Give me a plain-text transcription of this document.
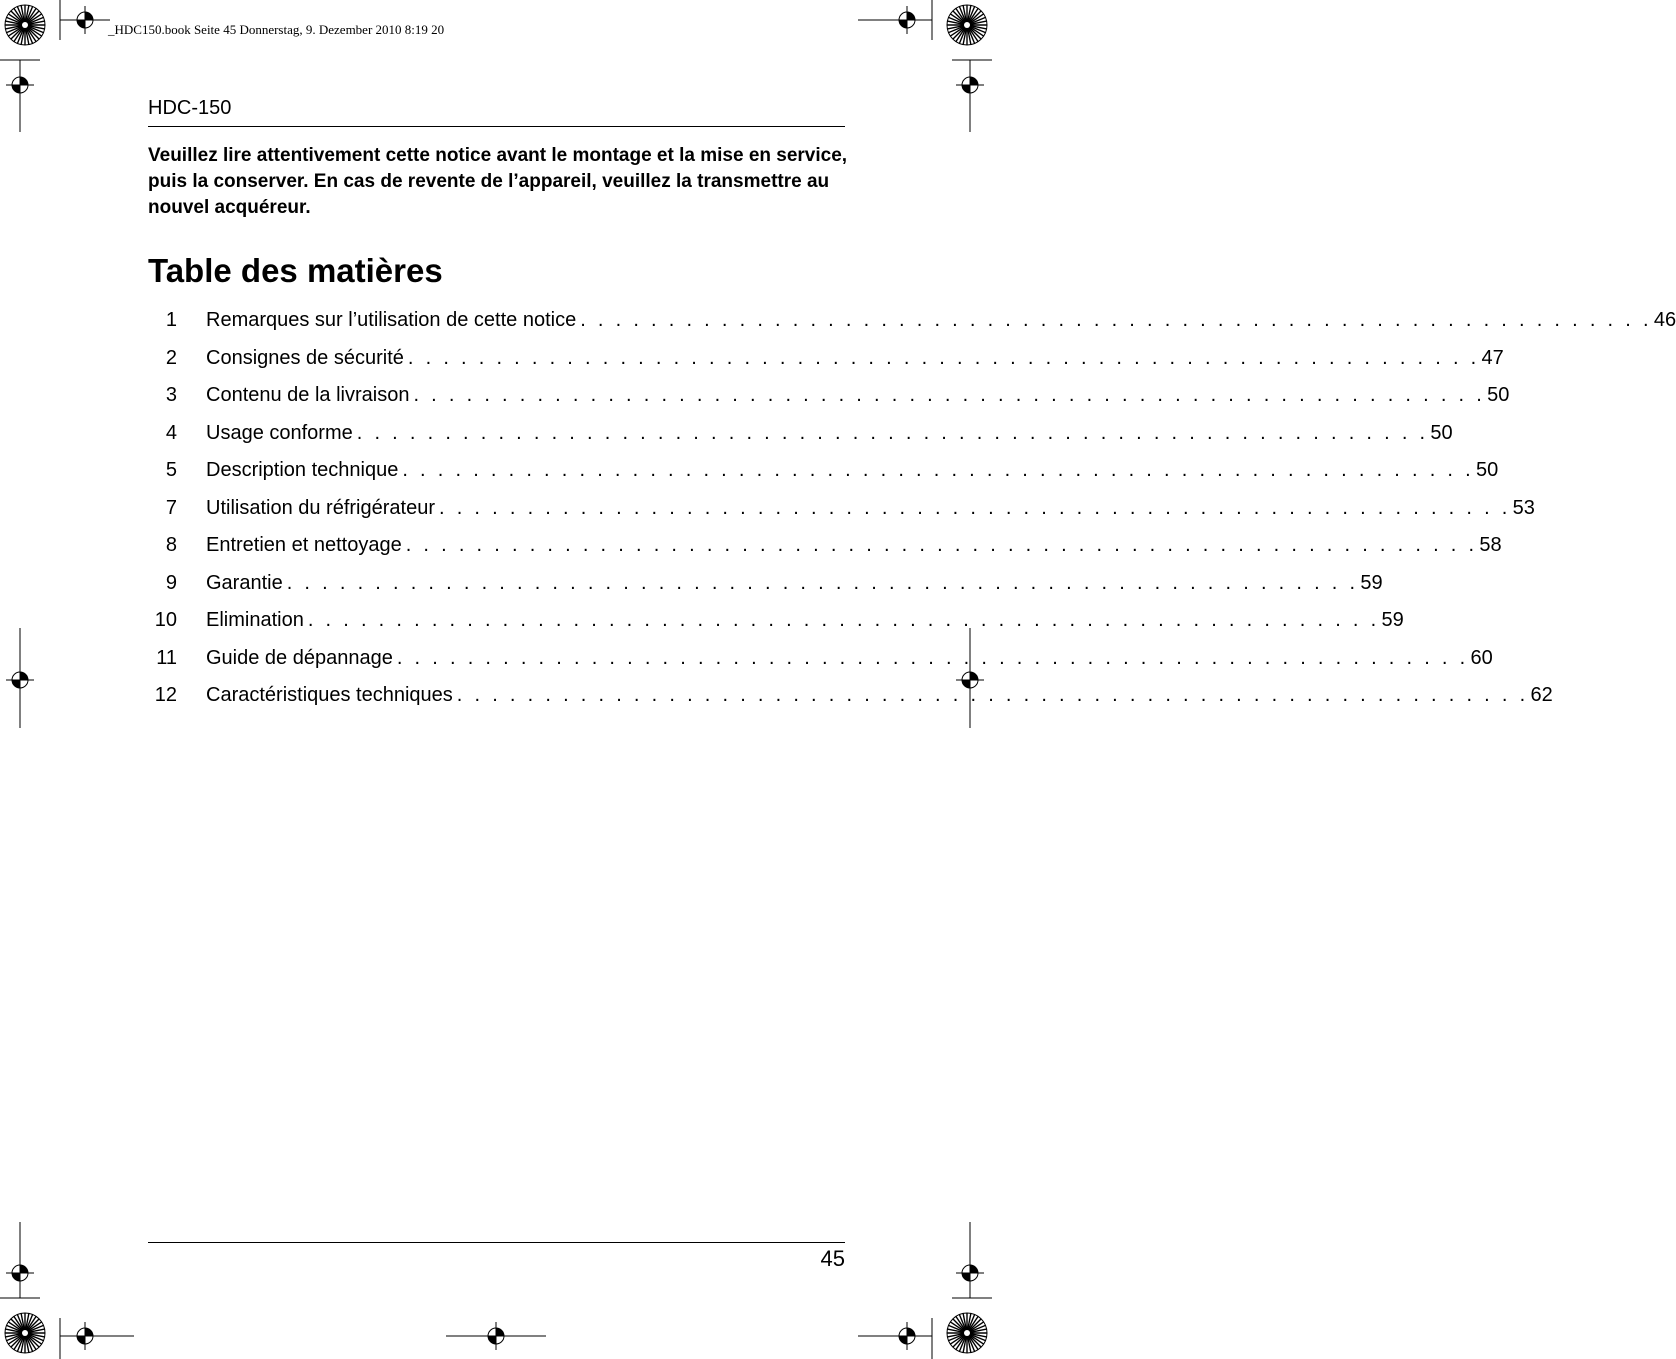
_HDC150.book Seite 45 Donnerstag, 9. Dezember 2010 8:19 20
HDC-150
Veuillez lire attentivement cette notice avant le montage et la mise en service, puis la conserver. En cas de revente de l’appareil, veuillez la transmettre au nouvel acquéreur.
Table des matières
1 Remarques sur l’utilisation de cette notice . . . . . . . . . . . . . . . . . . . . . . . . . . . . . . . . . . . . . . . . . . . . . . . . . . . . . . . . . . . . . 46
2 Consignes de sécurité . . . . . . . . . . . . . . . . . . . . . . . . . . . . . . . . . . . . . . . . . . . . . . . . . . . . . . . . . . . . . 47
3 Contenu de la livraison . . . . . . . . . . . . . . . . . . . . . . . . . . . . . . . . . . . . . . . . . . . . . . . . . . . . . . . . . . . . . 50
4 Usage conforme . . . . . . . . . . . . . . . . . . . . . . . . . . . . . . . . . . . . . . . . . . . . . . . . . . . . . . . . . . . . . 50
5 Description technique . . . . . . . . . . . . . . . . . . . . . . . . . . . . . . . . . . . . . . . . . . . . . . . . . . . . . . . . . . . . . 50
7 Utilisation du réfrigérateur . . . . . . . . . . . . . . . . . . . . . . . . . . . . . . . . . . . . . . . . . . . . . . . . . . . . . . . . . . . . . 53
8 Entretien et nettoyage . . . . . . . . . . . . . . . . . . . . . . . . . . . . . . . . . . . . . . . . . . . . . . . . . . . . . . . . . . . . . 58
9 Garantie . . . . . . . . . . . . . . . . . . . . . . . . . . . . . . . . . . . . . . . . . . . . . . . . . . . . . . . . . . . . . 59
10 Elimination . . . . . . . . . . . . . . . . . . . . . . . . . . . . . . . . . . . . . . . . . . . . . . . . . . . . . . . . . . . . . 59
11 Guide de dépannage . . . . . . . . . . . . . . . . . . . . . . . . . . . . . . . . . . . . . . . . . . . . . . . . . . . . . . . . . . . . . 60
12 Caractéristiques techniques . . . . . . . . . . . . . . . . . . . . . . . . . . . . . . . . . . . . . . . . . . . . . . . . . . . . . . . . . . . . . 62
45
